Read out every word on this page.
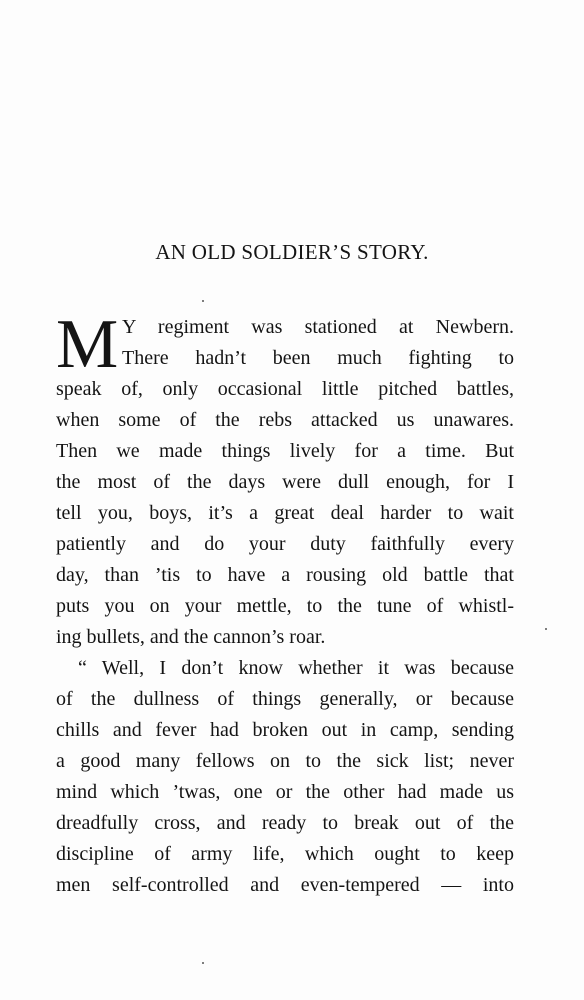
AN OLD SOLDIER’S STORY.
M Y regiment was stationed at Newbern.
There hadn’t been much fighting to
speak of, only occasional little pitched battles,
when some of the rebs attacked us unawares.
Then we made things lively for a time. But
the most of the days were dull enough, for I
tell you, boys, it’s a great deal harder to wait
patiently and do your duty faithfully every
day, than ’tis to have a rousing old battle that
puts you on your mettle, to the tune of whistl-
ing bullets, and the cannon’s roar.
“ Well, I don’t know whether it was because
of the dullness of things generally, or because
chills and fever had broken out in camp, sending
a good many fellows on to the sick list; never
mind which ’twas, one or the other had made us
dreadfully cross, and ready to break out of the
discipline of army life, which ought to keep
men self-controlled and even-tempered — into
